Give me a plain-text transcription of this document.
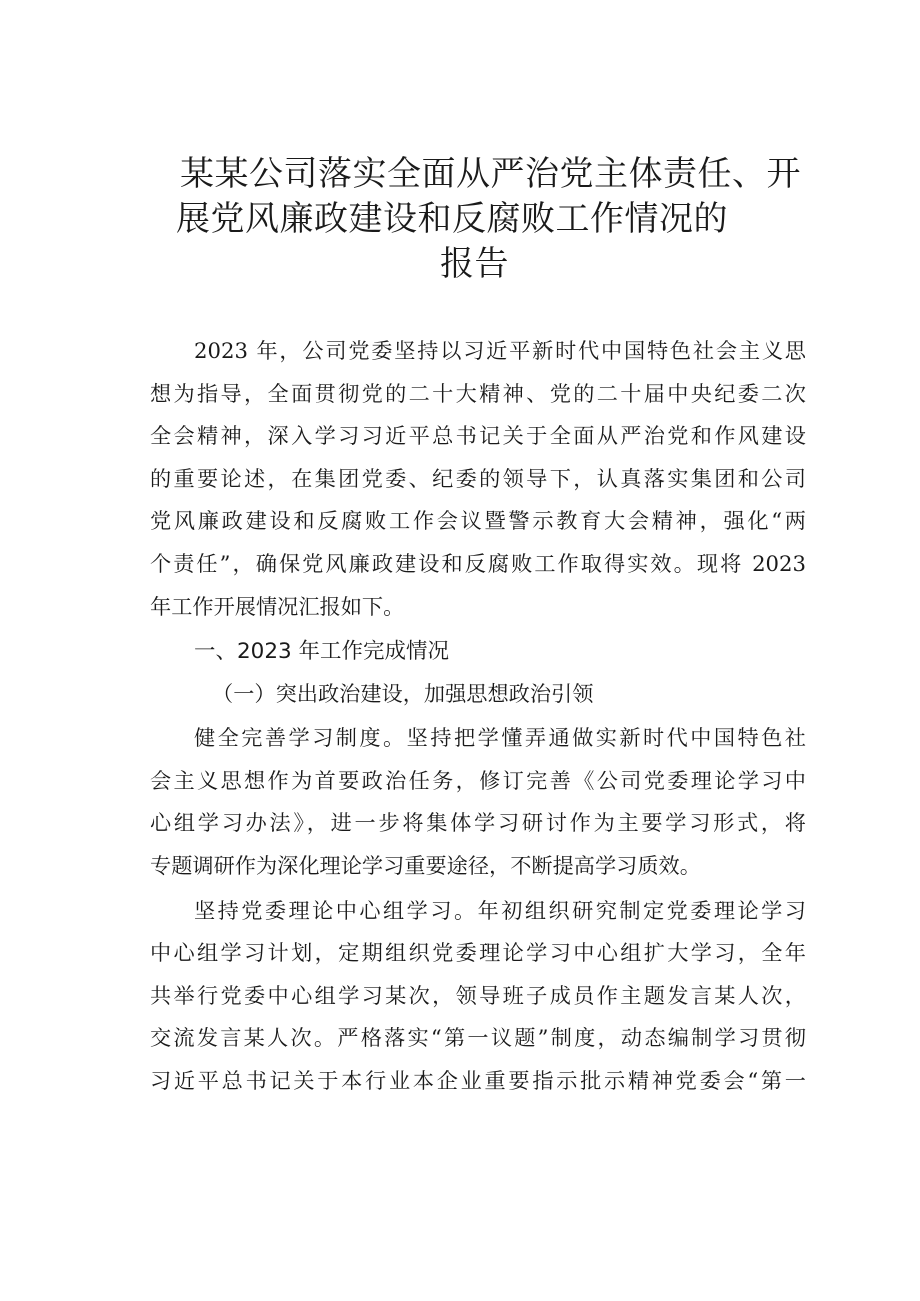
某某公司落实全面从严治党主体责任、开
展党风廉政建设和反腐败工作情况的
报告
2023 年，公司党委坚持以习近平新时代中国特色社会主义思
想为指导，全面贯彻党的二十大精神、党的二十届中央纪委二次
全会精神，深入学习习近平总书记关于全面从严治党和作风建设
的重要论述，在集团党委、纪委的领导下，认真落实集团和公司
党风廉政建设和反腐败工作会议暨警示教育大会精神，强化“两
个责任”，确保党风廉政建设和反腐败工作取得实效。现将 2023
年工作开展情况汇报如下。
一、2023 年工作完成情况
（一）突出政治建设，加强思想政治引领
健全完善学习制度。坚持把学懂弄通做实新时代中国特色社
会主义思想作为首要政治任务，修订完善《公司党委理论学习中
心组学习办法》，进一步将集体学习研讨作为主要学习形式，将
专题调研作为深化理论学习重要途径，不断提高学习质效。
坚持党委理论中心组学习。年初组织研究制定党委理论学习
中心组学习计划，定期组织党委理论学习中心组扩大学习，全年
共举行党委中心组学习某次，领导班子成员作主题发言某人次，
交流发言某人次。严格落实“第一议题”制度，动态编制学习贯彻
习近平总书记关于本行业本企业重要指示批示精神党委会“第一
